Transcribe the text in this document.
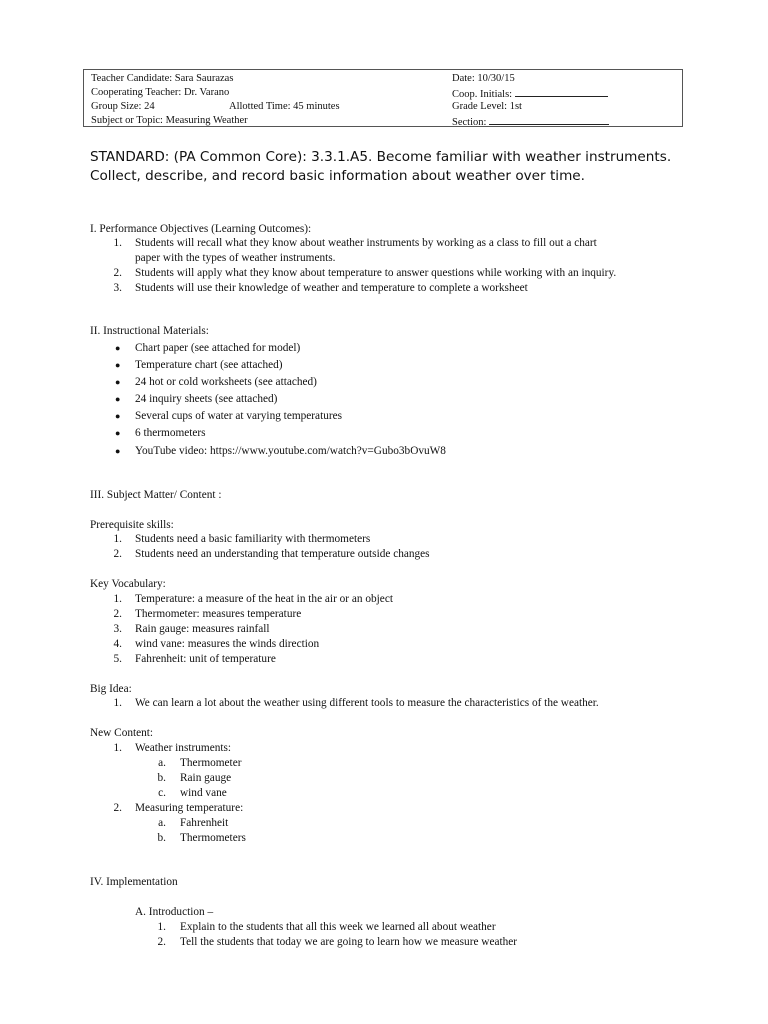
Teacher Candidate: Sara Saurazas	Date: 10/30/15
Cooperating Teacher: Dr. Varano	Coop. Initials:
Group Size: 24	Allotted Time: 45 minutes	Grade Level: 1st
Subject or Topic: Measuring Weather	Section:
STANDARD: (PA Common Core): 3.3.1.A5. Become familiar with weather instruments. Collect, describe, and record basic information about weather over time.
I. Performance Objectives (Learning Outcomes):
1. Students will recall what they know about weather instruments by working as a class to fill out a chart
paper with the types of weather instruments.
2. Students will apply what they know about temperature to answer questions while working with an inquiry.
3. Students will use their knowledge of weather and temperature to complete a worksheet
II. Instructional Materials:
● Chart paper (see attached for model)
● Temperature chart (see attached)
● 24 hot or cold worksheets (see attached)
● 24 inquiry sheets (see attached)
● Several cups of water at varying temperatures
● 6 thermometers
● YouTube video: https://www.youtube.com/watch?v=Gubo3bOvuW8
III. Subject Matter/ Content :
Prerequisite skills:
1. Students need a basic familiarity with thermometers
2. Students need an understanding that temperature outside changes
Key Vocabulary:
1. Temperature: a measure of the heat in the air or an object
2. Thermometer: measures temperature
3. Rain gauge: measures rainfall
4. wind vane: measures the winds direction
5. Fahrenheit: unit of temperature
Big Idea:
1. We can learn a lot about the weather using different tools to measure the characteristics of the weather.
New Content:
1. Weather instruments:
a. Thermometer
b. Rain gauge
c. wind vane
2. Measuring temperature:
a. Fahrenheit
b. Thermometers
IV. Implementation
A. Introduction –
1. Explain to the students that all this week we learned all about weather
2. Tell the students that today we are going to learn how we measure weather
